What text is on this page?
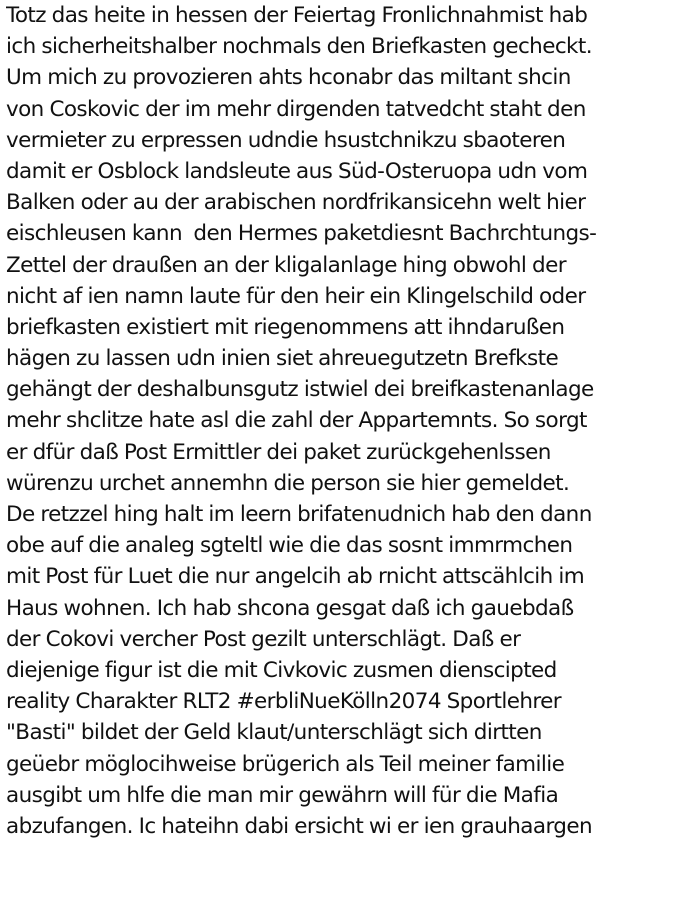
Totz das heite in hessen der Feiertag Fronlichnahmist hab
ich sicherheitshalber nochmals den Briefkasten gecheckt.
Um mich zu provozieren ahts hconabr das miltant shcin
von Coskovic der im mehr dirgenden tatvedcht staht den
vermieter zu erpressen udndie hsustchnikzu sbaoteren
damit er Osblock landsleute aus Süd-Osteruopa udn vom
Balken oder au der arabischen nordfrikansicehn welt hier
eischleusen kann  den Hermes paketdiesnt Bachrchtungs-
Zettel der draußen an der kligalanlage hing obwohl der
nicht af ien namn laute für den heir ein Klingelschild oder
briefkasten existiert mit riegenommens att ihndarußen
hägen zu lassen udn inien siet ahreuegutzetn Brefkste
gehängt der deshalbunsgutz istwiel dei breifkastenanlage
mehr shclitze hate asl die zahl der Appartemnts. So sorgt
er dfür daß Post Ermittler dei paket zurückgehenlssen
würenzu urchet annemhn die person sie hier gemeldet.
De retzzel hing halt im leern brifatenudnich hab den dann
obe auf die analeg sgteltl wie die das sosnt immrmchen
mit Post für Luet die nur angelcih ab rnicht attscählcih im
Haus wohnen. Ich hab shcona gesgat daß ich gauebdaß
der Cokovi vercher Post gezilt unterschlägt. Daß er
diejenige figur ist die mit Civkovic zusmen dienscipted
reality Charakter RLT2 #erbliNueKölln2074 Sportlehrer
"Basti" bildet der Geld klaut/unterschlägt sich dirtten
geüebr möglocihweise brügerich als Teil meiner familie
ausgibt um hlfe die man mir gewährn will für die Mafia
abzufangen. Ic hateihn dabi ersicht wi er ien grauhaargen
